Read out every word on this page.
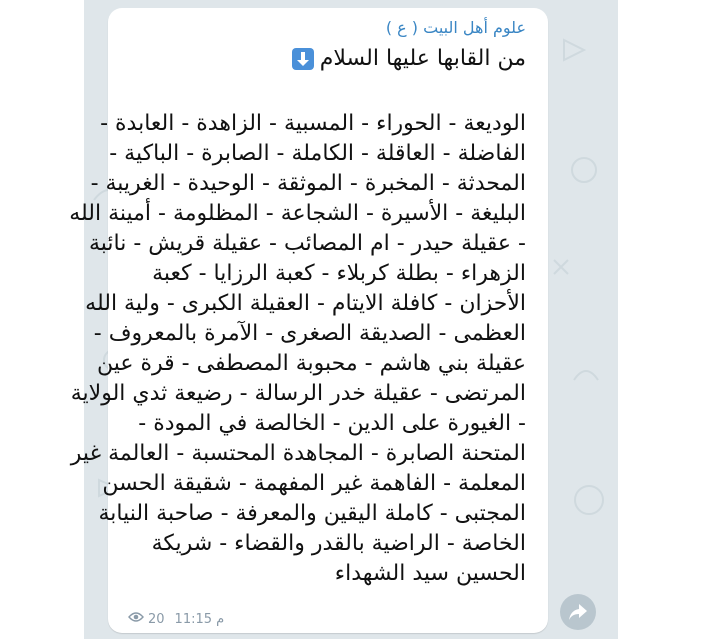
علوم أهل البيت ( ع )
من القابها عليها السلام
الوديعة - الحوراء - المسبية - الزاهدة - العابدة -
الفاضلة - العاقلة - الكاملة - الصابرة - الباكية -
المحدثة - المخبرة - الموثقة - الوحيدة - الغريبة -
البليغة - الأسيرة - الشجاعة - المظلومة - أمينة الله
- عقيلة حيدر - ام المصائب - عقيلة قريش - نائبة
الزهراء - بطلة كربلاء - كعبة الرزايا - كعبة
الأحزان - كافلة الايتام - العقيلة الكبرى - ولية الله
العظمى - الصديقة الصغرى - الآمرة بالمعروف -
عقيلة بني هاشم - محبوبة المصطفى - قرة عين
المرتضى - عقيلة خدر الرسالة - رضيعة ثدي الولاية
- الغيورة على الدين - الخالصة في المودة -
المتحنة الصابرة - المجاهدة المحتسبة - العالمة غير
المعلمة - الفاهمة غير المفهمة - شقيقة الحسن
المجتبى - كاملة اليقين والمعرفة - صاحبة النيابة
الخاصة - الراضية بالقدر والقضاء - شريكة
الحسين سيد الشهداء
20 11:15 م
